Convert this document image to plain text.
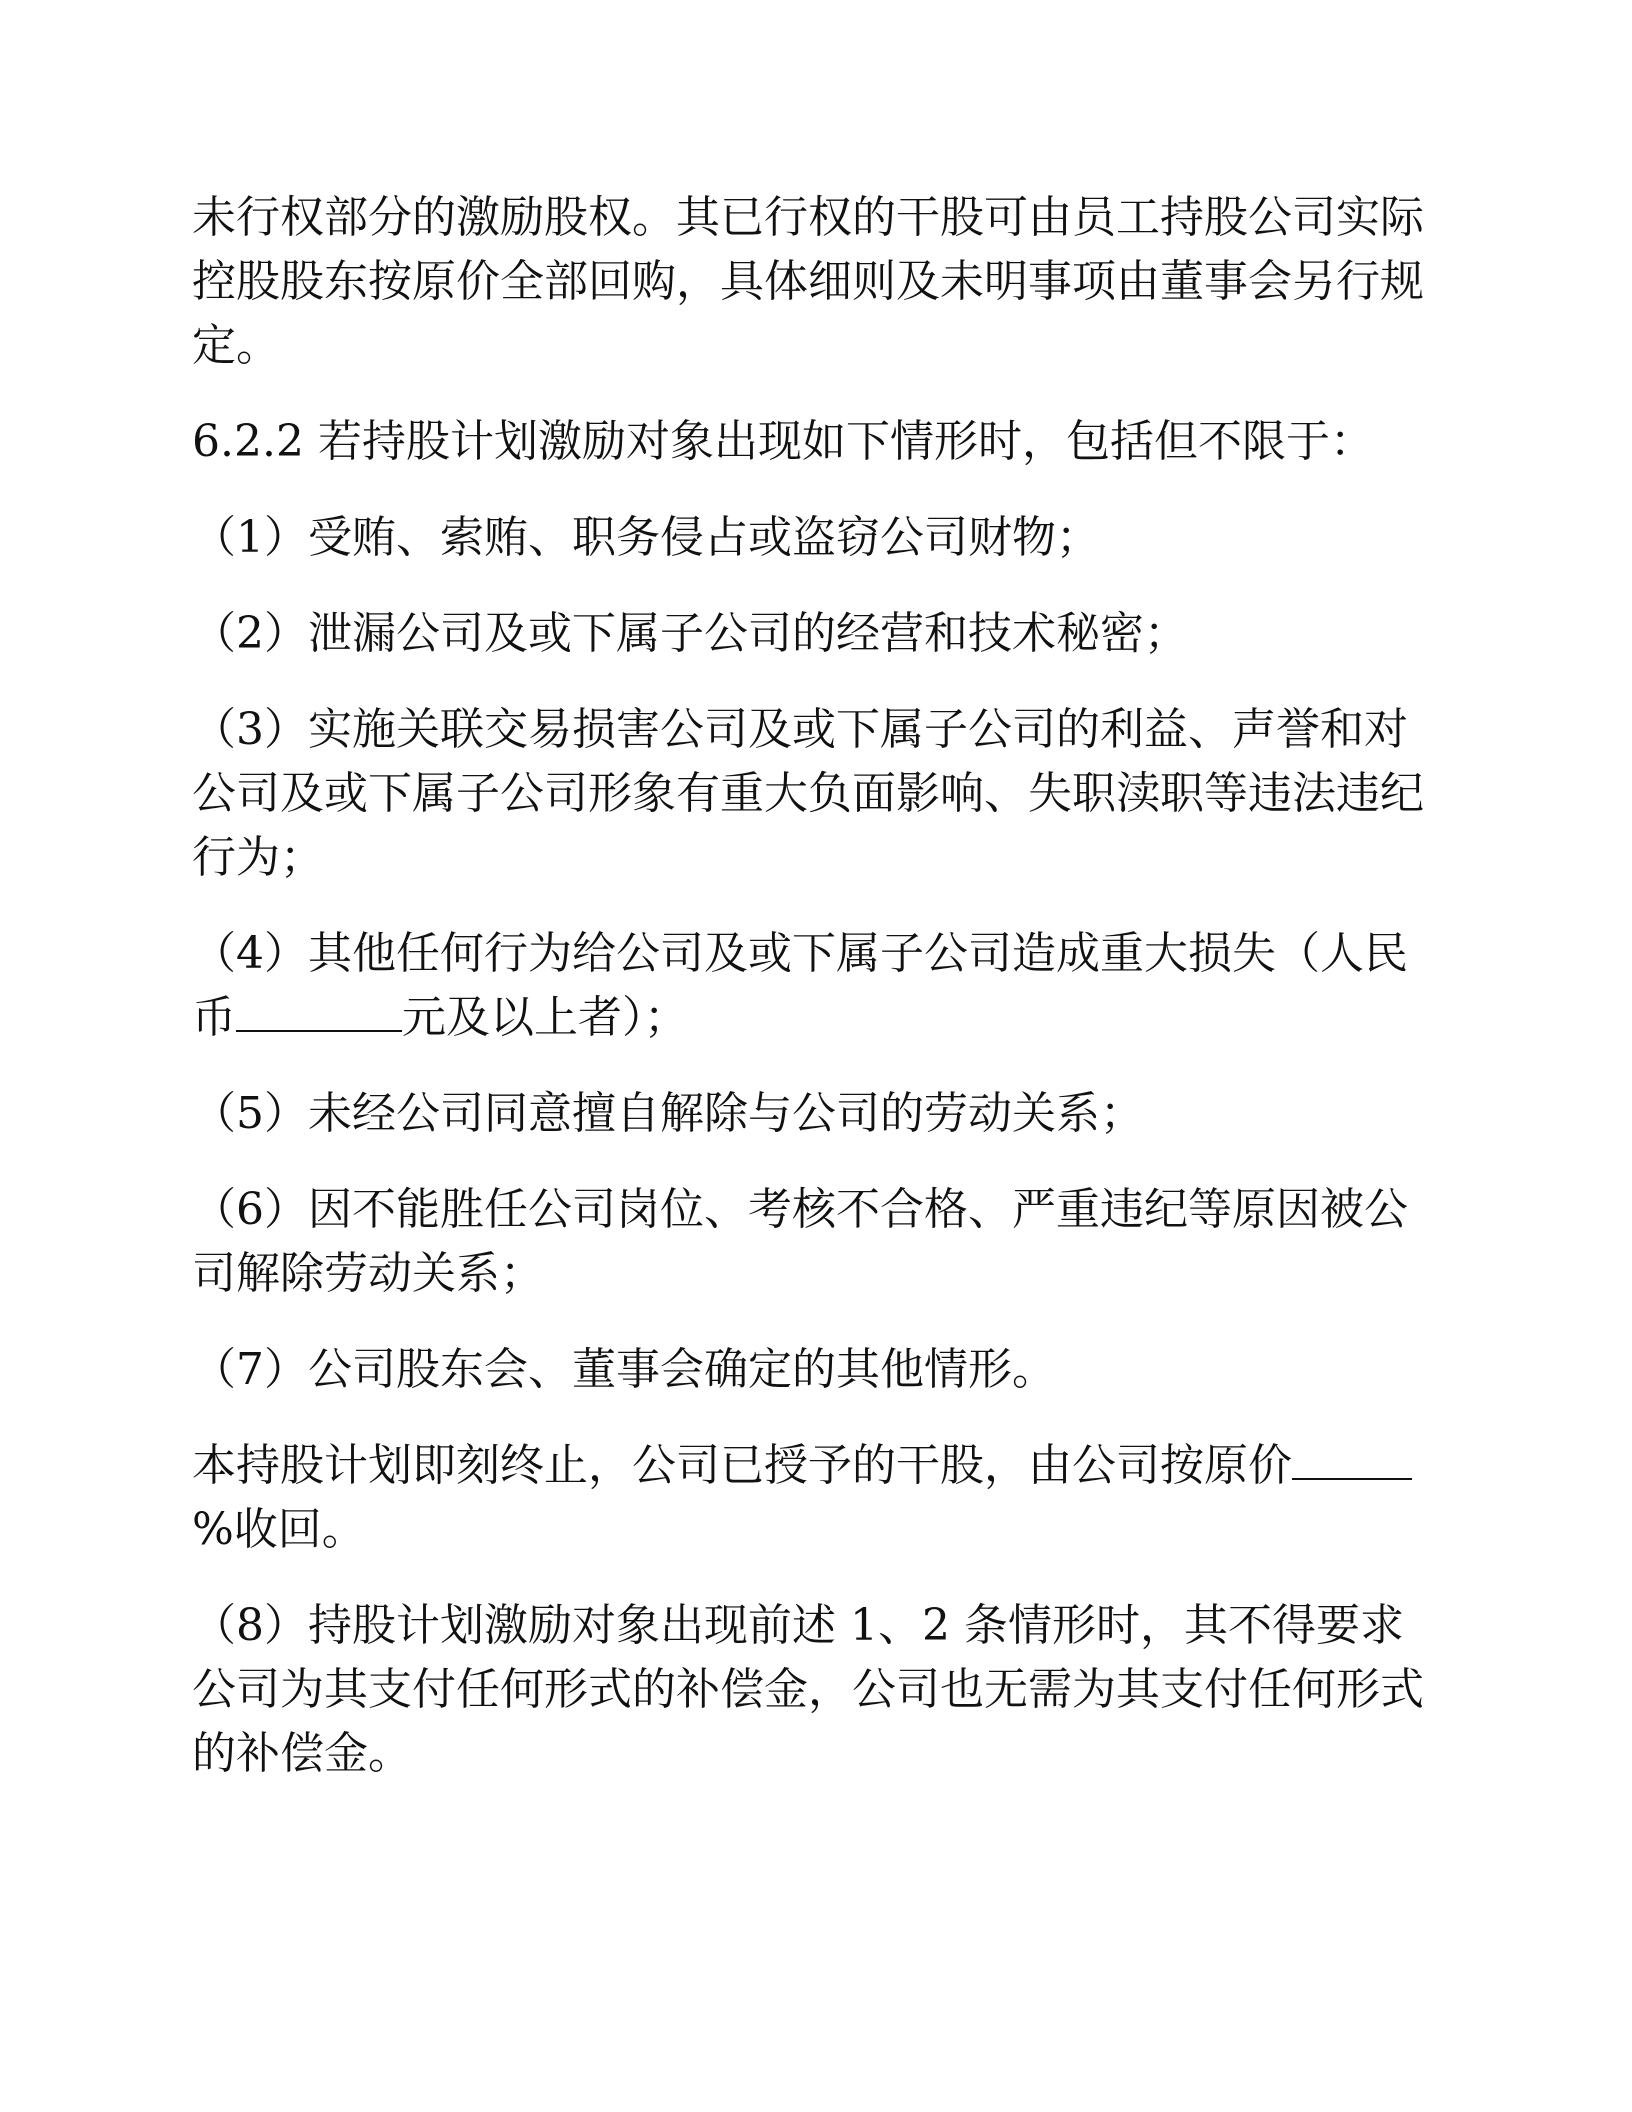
未行权部分的激励股权。其已行权的干股可由员工持股公司实际控股股东按原价全部回购，具体细则及未明事项由董事会另行规定。

6.2.2 若持股计划激励对象出现如下情形时，包括但不限于：

（1）受贿、索贿、职务侵占或盗窃公司财物；

（2）泄漏公司及或下属子公司的经营和技术秘密；

（3）实施关联交易损害公司及或下属子公司的利益、声誉和对公司及或下属子公司形象有重大负面影响、失职渎职等违法违纪行为；

（4）其他任何行为给公司及或下属子公司造成重大损失（人民币	元及以上者）；

（5）未经公司同意擅自解除与公司的劳动关系；

（6）因不能胜任公司岗位、考核不合格、严重违纪等原因被公司解除劳动关系；

（7）公司股东会、董事会确定的其他情形。

本持股计划即刻终止，公司已授予的干股，由公司按原价%收回。

（8）持股计划激励对象出现前述 1、2 条情形时，其不得要求公司为其支付任何形式的补偿金，公司也无需为其支付任何形式的补偿金。
